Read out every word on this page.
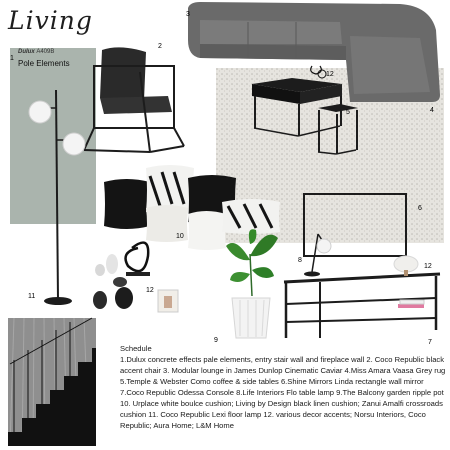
Living
Dulux A409B
Pole Elements
1
2
3
4
5
6
7
8
9
10
11
12
12
12
Schedule
1.Dulux concrete effects pale elements, entry stair wall and fireplace wall 2. Coco Republic black accent chair 3. Modular lounge in James Dunlop Cinematic Caviar 4.Miss Amara Vaasa Grey rug 5.Temple & Webster Como coffee & side tables 6.Shine Mirrors Linda rectangle wall mirror 7.Coco Republic Odessa Console 8.Life Interiors Flo table lamp 9.The Balcony garden ripple pot 10. Urplace white boulce cushion; Living by Design black linen cushion; Zanui Amalfi crossroads cushion 11. Coco Republic Lexi floor lamp 12. various decor accents; Norsu Interiors, Coco Republic; Aura Home; L&M Home
